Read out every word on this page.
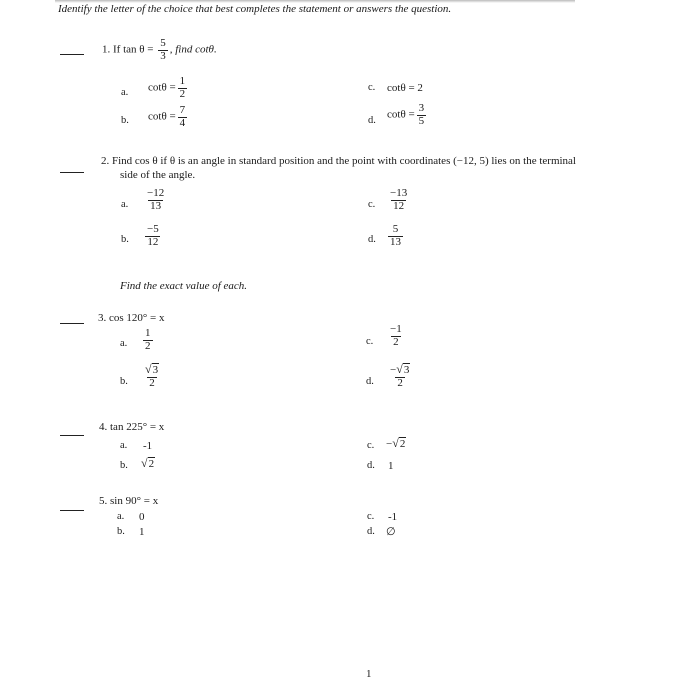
Identify the letter of the choice that best completes the statement or answers the question.
1. If $\tan \theta = \frac{5}{3}$ , find cotθ.
a. $\cot\theta = \frac{1}{2}$
b. $\cot\theta = \frac{7}{4}$
c. cotθ = 2
d. $\cot\theta = \frac{3}{5}$
2. Find cos θ if θ is an angle in standard position and the point with coordinates (−12, 5) lies on the terminal
side of the angle.
a. $\frac{-12}{13}$
b. $\frac{-5}{12}$
c. $\frac{-13}{12}$
d. $\frac{5}{13}$
Find the exact value of each.
3. cos 120° = x
a. $\frac{1}{2}$
b. $\frac{√3}{2}$
c. $\frac{-1}{2}$
d. $\frac{-√3}{2}$
4. tan 225° = x
a. -1
b. √2
c. −√2
d. 1
5. sin 90° = x
a. 0
b. 1
c. -1
d. ∅
1
